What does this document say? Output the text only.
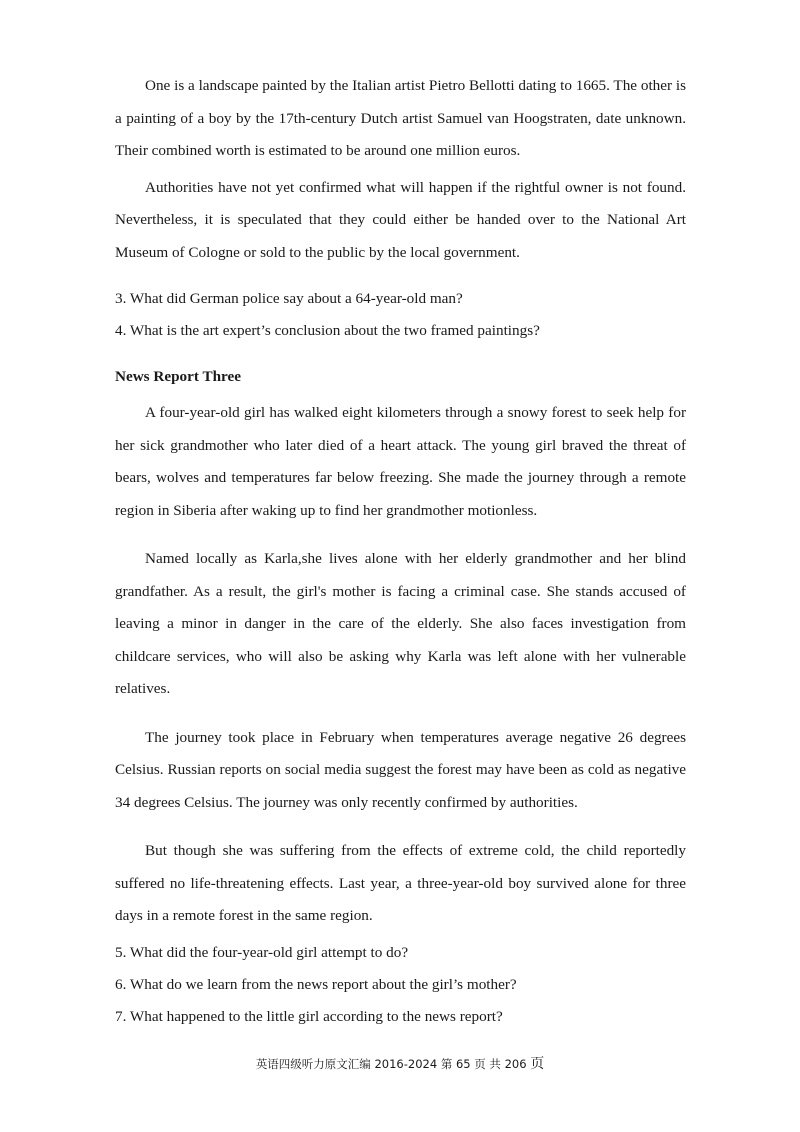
One is a landscape painted by the Italian artist Pietro Bellotti dating to 1665. The other is a painting of a boy by the 17th-century Dutch artist Samuel van Hoogstraten, date unknown. Their combined worth is estimated to be around one million euros.

Authorities have not yet confirmed what will happen if the rightful owner is not found. Nevertheless, it is speculated that they could either be handed over to the National Art Museum of Cologne or sold to the public by the local government.

3. What did German police say about a 64-year-old man?

4. What is the art expert’s conclusion about the two framed paintings?

News Report Three

A four-year-old girl has walked eight kilometers through a snowy forest to seek help for her sick grandmother who later died of a heart attack. The young girl braved the threat of bears, wolves and temperatures far below freezing. She made the journey through a remote region in Siberia after waking up to find her grandmother motionless.

Named locally as Karla,she lives alone with her elderly grandmother and her blind grandfather. As a result, the girl's mother is facing a criminal case. She stands accused of leaving a minor in danger in the care of the elderly. She also faces investigation from childcare services, who will also be asking why Karla was left alone with her vulnerable relatives.

The journey took place in February when temperatures average negative 26 degrees Celsius. Russian reports on social media suggest the forest may have been as cold as negative 34 degrees Celsius. The journey was only recently confirmed by authorities.

But though she was suffering from the effects of extreme cold, the child reportedly suffered no life-threatening effects. Last year, a three-year-old boy survived alone for three days in a remote forest in the same region.

5. What did the four-year-old girl attempt to do?

6. What do we learn from the news report about the girl’s mother?

7. What happened to the little girl according to the news report?

英语四级听力原文汇编 2016-2024 第 65 页 共 206 页
